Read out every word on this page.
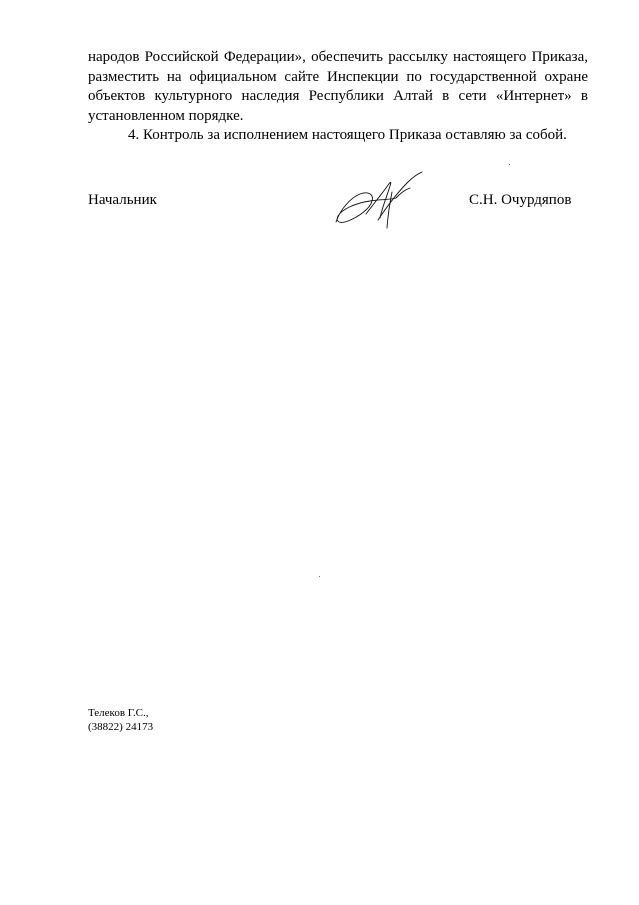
народов Российской Федерации», обеспечить рассылку настоящего Приказа,
разместить на официальном сайте Инспекции по государственной охране
объектов культурного наследия Республики Алтай в сети «Интернет» в
установленном порядке.
4. Контроль за исполнением настоящего Приказа оставляю за собой.
Начальник	С.Н. Очурдяпов
Телеков Г.С.,
(38822) 24173
